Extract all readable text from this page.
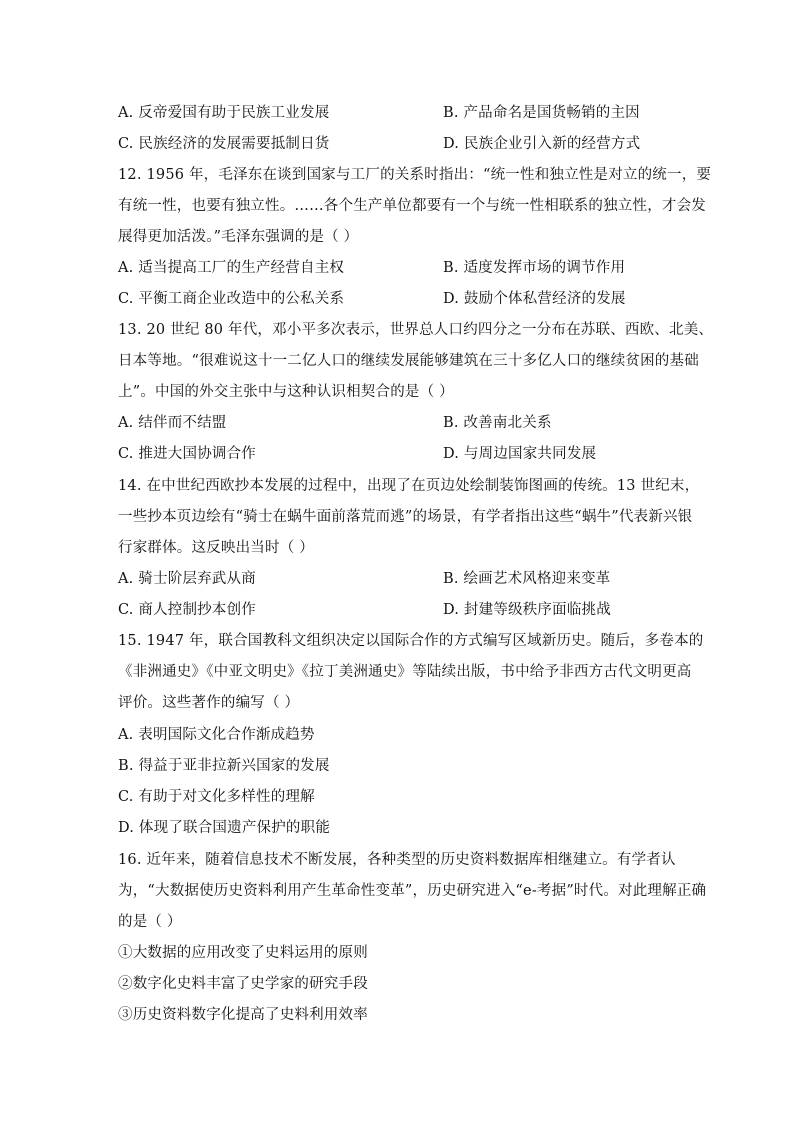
A. 反帝爱国有助于民族工业发展	B. 产品命名是国货畅销的主因
C. 民族经济的发展需要抵制日货	D. 民族企业引入新的经营方式
12. 1956 年，毛泽东在谈到国家与工厂的关系时指出：“统一性和独立性是对立的统一，要
有统一性，也要有独立性。……各个生产单位都要有一个与统一性相联系的独立性，才会发
展得更加活泼。”毛泽东强调的是（ ）
A. 适当提高工厂的生产经营自主权	B. 适度发挥市场的调节作用
C. 平衡工商企业改造中的公私关系	D. 鼓励个体私营经济的发展
13. 20 世纪 80 年代，邓小平多次表示，世界总人口约四分之一分布在苏联、西欧、北美、
日本等地。“很难说这十一二亿人口的继续发展能够建筑在三十多亿人口的继续贫困的基础
上”。中国的外交主张中与这种认识相契合的是（ ）
A. 结伴而不结盟	B. 改善南北关系
C. 推进大国协调合作	D. 与周边国家共同发展
14. 在中世纪西欧抄本发展的过程中，出现了在页边处绘制装饰图画的传统。13 世纪末，
一些抄本页边绘有“骑士在蜗牛面前落荒而逃”的场景，有学者指出这些“蜗牛”代表新兴银
行家群体。这反映出当时（ ）
A. 骑士阶层弃武从商	B. 绘画艺术风格迎来变革
C. 商人控制抄本创作	D. 封建等级秩序面临挑战
15. 1947 年，联合国教科文组织决定以国际合作的方式编写区域新历史。随后，多卷本的
《非洲通史》《中亚文明史》《拉丁美洲通史》等陆续出版，书中给予非西方古代文明更高
评价。这些著作的编写（ ）
A. 表明国际文化合作渐成趋势
B. 得益于亚非拉新兴国家的发展
C. 有助于对文化多样性的理解
D. 体现了联合国遗产保护的职能
16. 近年来，随着信息技术不断发展，各种类型的历史资料数据库相继建立。有学者认
为，“大数据使历史资料利用产生革命性变革”，历史研究进入“e-考据”时代。对此理解正确
的是（ ）
①大数据的应用改变了史料运用的原则
②数字化史料丰富了史学家的研究手段
③历史资料数字化提高了史料利用效率
